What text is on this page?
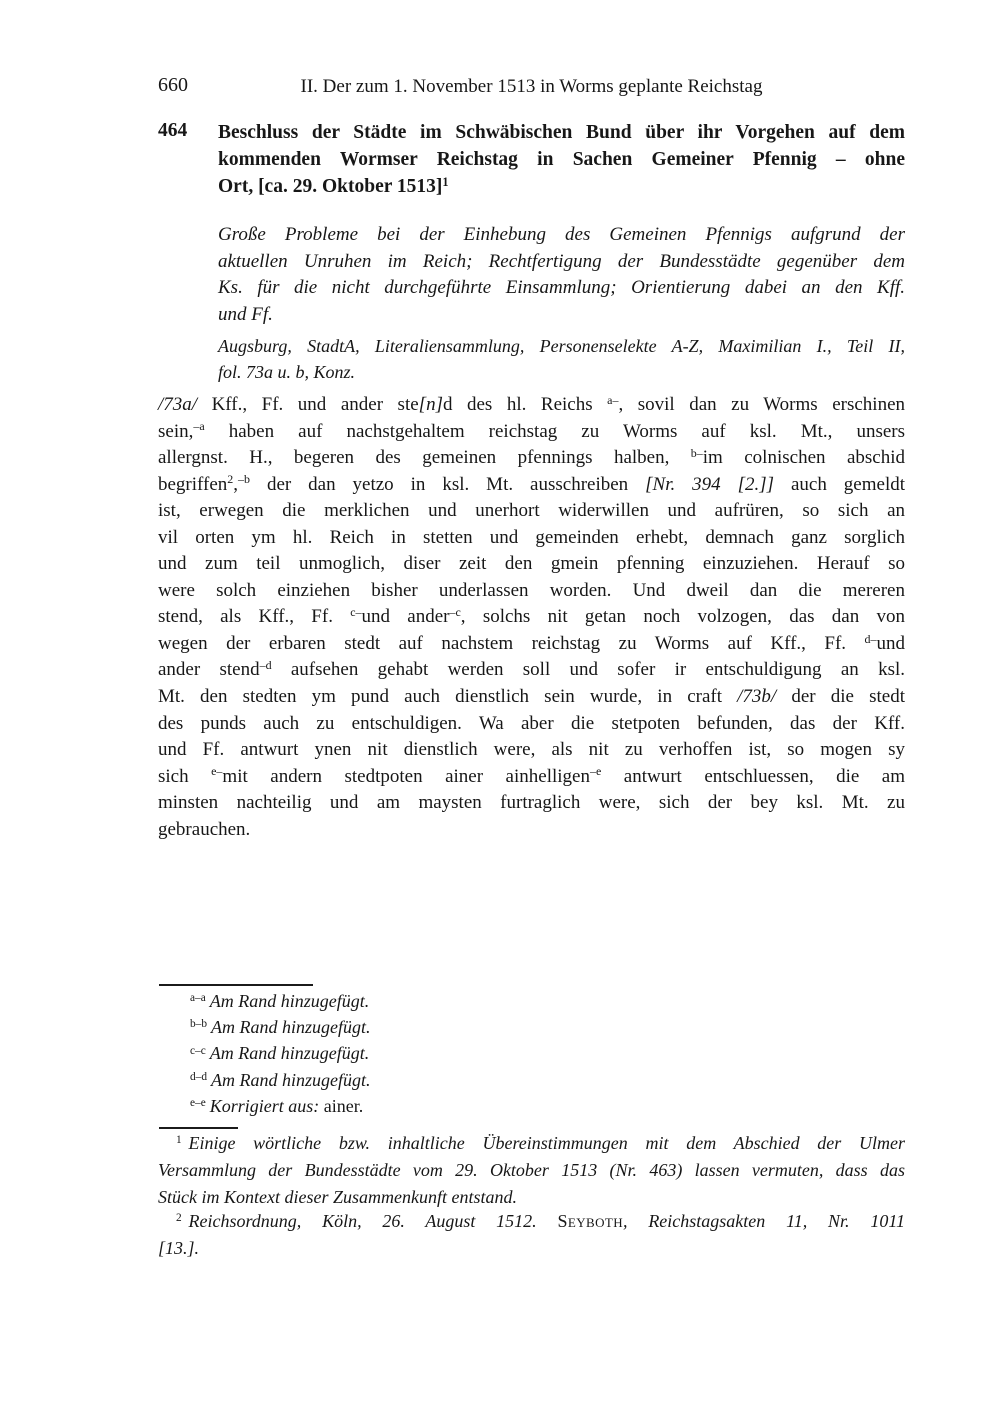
660	II. Der zum 1. November 1513 in Worms geplante Reichstag
464 Beschluss der Städte im Schwäbischen Bund über ihr Vorgehen auf dem
kommenden Wormser Reichstag in Sachen Gemeiner Pfennig – ohne
Ort, [ca. 29. Oktober 1513]$^1$
Große Probleme bei der Einhebung des Gemeinen Pfennigs aufgrund der
aktuellen Unruhen im Reich; Rechtfertigung der Bundesstädte gegenüber dem
Ks. für die nicht durchgeführte Einsammlung; Orientierung dabei an den Kff.
und Ff.
Augsburg, StadtA, Literaliensammlung, Personenselekte A-Z, Maximilian I., Teil II,
fol. 73a u. b, Konz.
/73a/ Kff., Ff. und ander ste[n]d des hl. Reichs $^{a-}$, sovil dan zu Worms erschinen
sein,$^{-a}$ haben auf nachstgehaltem reichstag zu Worms auf ksl. Mt., unsers
allergnst. H., begeren des gemeinen pfennings halben, $^{b-}$im colnischen abschid
begriffen$^2$,$^{-b}$ der dan yetzo in ksl. Mt. ausschreiben [Nr. 394 [2.]] auch gemeldt
ist, erwegen die merklichen und unerhort widerwillen und aufrüren, so sich an
vil orten ym hl. Reich in stetten und gemeinden erhebt, demnach ganz sorglich
und zum teil unmoglich, diser zeit den gmein pfenning einzuziehen. Herauf so
were solch einziehen bisher underlassen worden. Und dweil dan die mereren
stend, als Kff., Ff. $^{c-}$und ander$^{-c}$, solchs nit getan noch volzogen, das dan von
wegen der erbaren stedt auf nachstem reichstag zu Worms auf Kff., Ff. $^{d-}$und
ander stend$^{-d}$ aufsehen gehabt werden soll und sofer ir entschuldigung an ksl.
Mt. den stedten ym pund auch dienstlich sein wurde, in craft /73b/ der die stedt
des punds auch zu entschuldigen. Wa aber die stetpoten befunden, das der Kff.
und Ff. antwurt ynen nit dienstlich were, als nit zu verhoffen ist, so mogen sy
sich $^{e-}$mit andern stedtpoten ainer ainhelligen$^{-e}$ antwurt entschluessen, die am
minsten nachteilig und am maysten furtraglich were, sich der bey ksl. Mt. zu
gebrauchen.
$^{a-a}$ Am Rand hinzugefügt.
$^{b-b}$ Am Rand hinzugefügt.
$^{c-c}$ Am Rand hinzugefügt.
$^{d-d}$ Am Rand hinzugefügt.
$^{e-e}$ Korrigiert aus: ainer.
$^1$ Einige wörtliche bzw. inhaltliche Übereinstimmungen mit dem Abschied der Ulmer
Versammlung der Bundesstädte vom 29. Oktober 1513 (Nr. 463) lassen vermuten, dass das
Stück im Kontext dieser Zusammenkunft entstand.
$^2$ Reichsordnung, Köln, 26. August 1512. Seyboth, Reichstagsakten 11, Nr. 1011
[13.].
